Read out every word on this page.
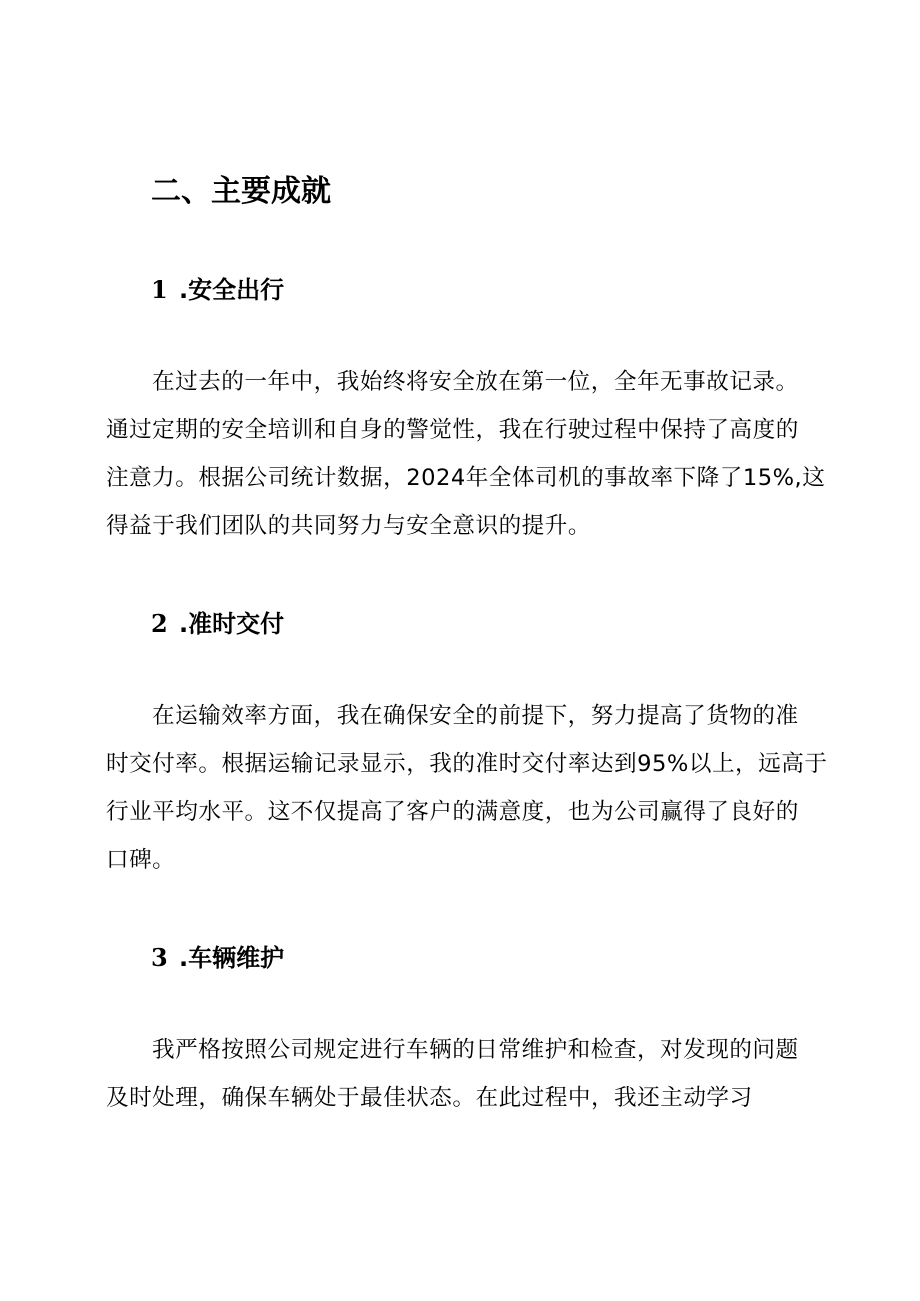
二、主要成就
1 .安全出行

在过去的一年中，我始终将安全放在第一位，全年无事故记录。
通过定期的安全培训和自身的警觉性，我在行驶过程中保持了高度的
注意力。根据公司统计数据，2024年全体司机的事故率下降了15%,这
得益于我们团队的共同努力与安全意识的提升。

2 .准时交付

在运输效率方面，我在确保安全的前提下，努力提高了货物的准
时交付率。根据运输记录显示，我的准时交付率达到95%以上，远高于
行业平均水平。这不仅提高了客户的满意度，也为公司赢得了良好的
口碑。

3 .车辆维护

我严格按照公司规定进行车辆的日常维护和检查，对发现的问题
及时处理，确保车辆处于最佳状态。在此过程中，我还主动学习
